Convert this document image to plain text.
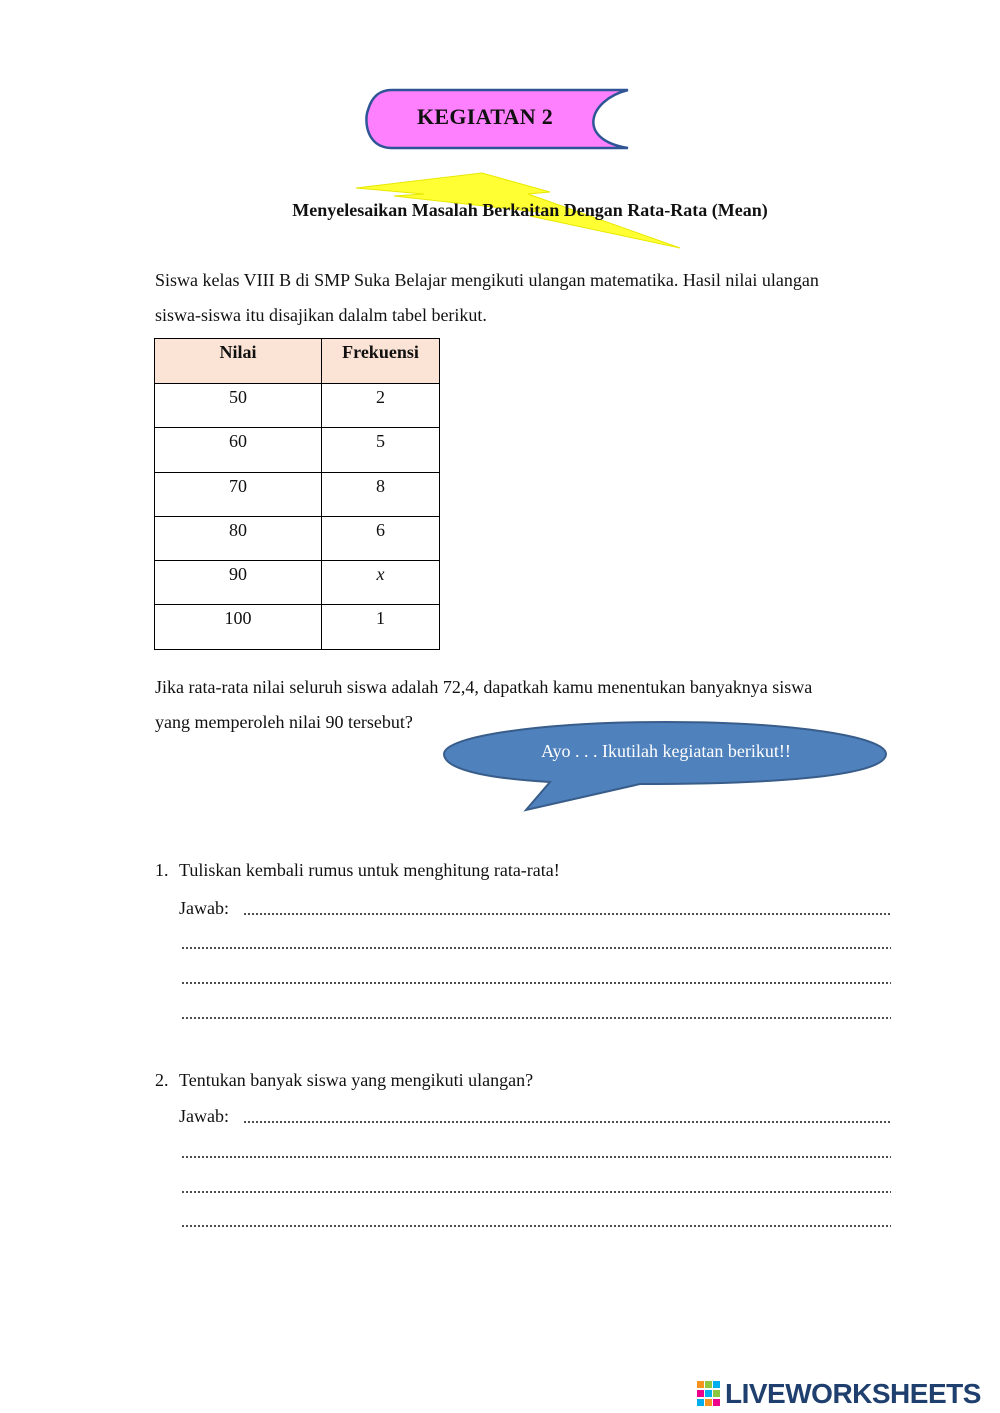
KEGIATAN 2
Menyelesaikan Masalah Berkaitan Dengan Rata-Rata (Mean)
Siswa kelas VIII B di SMP Suka Belajar mengikuti ulangan matematika. Hasil nilai ulangan
siswa-siswa itu disajikan dalalm tabel berikut.
Nilai	Frekuensi
50	2
60	5
70	8
80	6
90	x
100	1
Jika rata-rata nilai seluruh siswa adalah 72,4, dapatkah kamu menentukan banyaknya siswa
yang memperoleh nilai 90 tersebut?
Ayo . . . Ikutilah kegiatan berikut!!
1. Tuliskan kembali rumus untuk menghitung rata-rata!
Jawab:
2. Tentukan banyak siswa yang mengikuti ulangan?
Jawab:
LIVEWORKSHEETS
